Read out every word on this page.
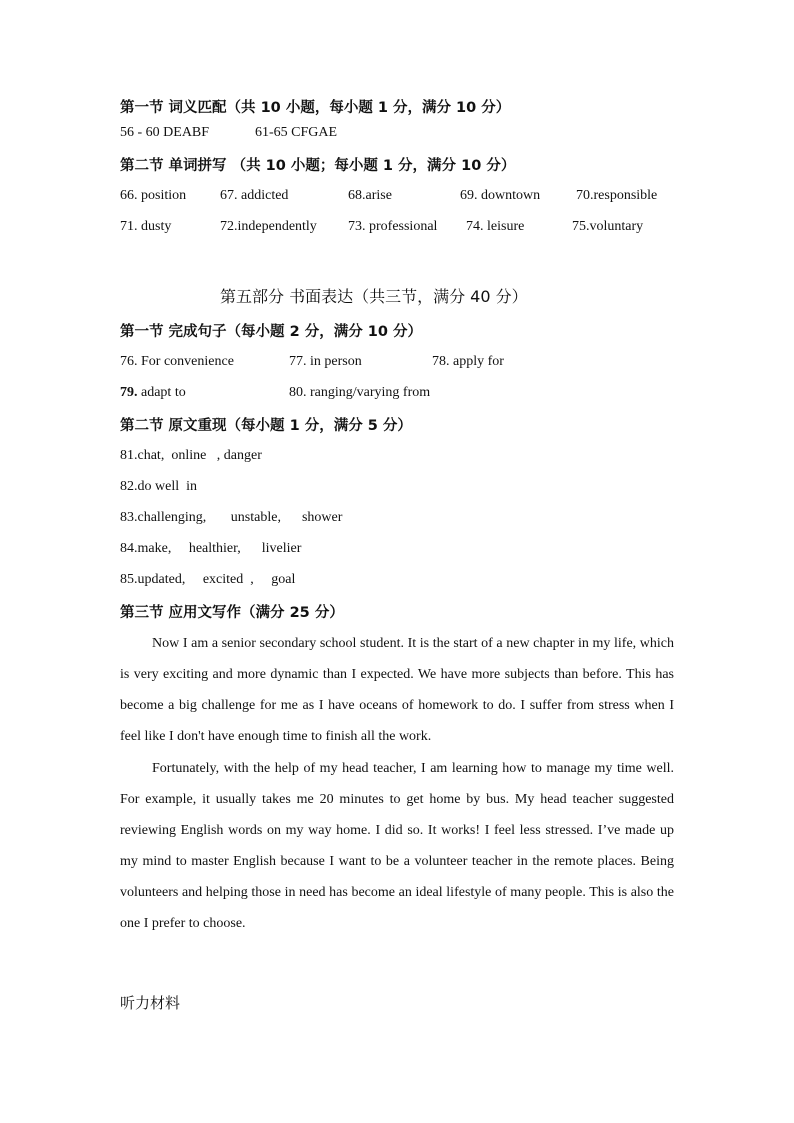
第一节 词义匹配（共 10 小题，每小题 1 分，满分 10 分）
56 - 60 DEABF	61-65 CFGAE
第二节 单词拼写 （共 10 小题；每小题 1 分，满分 10 分）
66. position 67. addicted	68.arise	69. downtown	70.responsible
71. dusty	72.independently 73. professional 74. leisure	75.voluntary
第五部分 书面表达（共三节，满分 40 分）
第一节 完成句子（每小题 2 分，满分 10 分）
76. For convenience	77. in person	78. apply for
79. adapt to	80. ranging/varying from
第二节 原文重现（每小题 1 分，满分 5 分）
81.chat,  online   , danger
82.do well  in
83.challenging,       unstable,      shower
84.make,     healthier,      livelier
85.updated,     excited  ,     goal
第三节 应用文写作（满分 25 分）
Now I am a senior secondary school student. It is the start of a new chapter in my life, which is very exciting and more dynamic than I expected. We have more subjects than before. This has become a big challenge for me as I have oceans of homework to do. I suffer from stress when I feel like I don't have enough time to finish all the work.
Fortunately, with the help of my head teacher, I am learning how to manage my time well. For example, it usually takes me 20 minutes to get home by bus. My head teacher suggested reviewing English words on my way home. I did so. It works! I feel less stressed. I’ve made up my mind to master English because I want to be a volunteer teacher in the remote places. Being volunteers and helping those in need has become an ideal lifestyle of many people. This is also the one I prefer to choose.
听力材料
